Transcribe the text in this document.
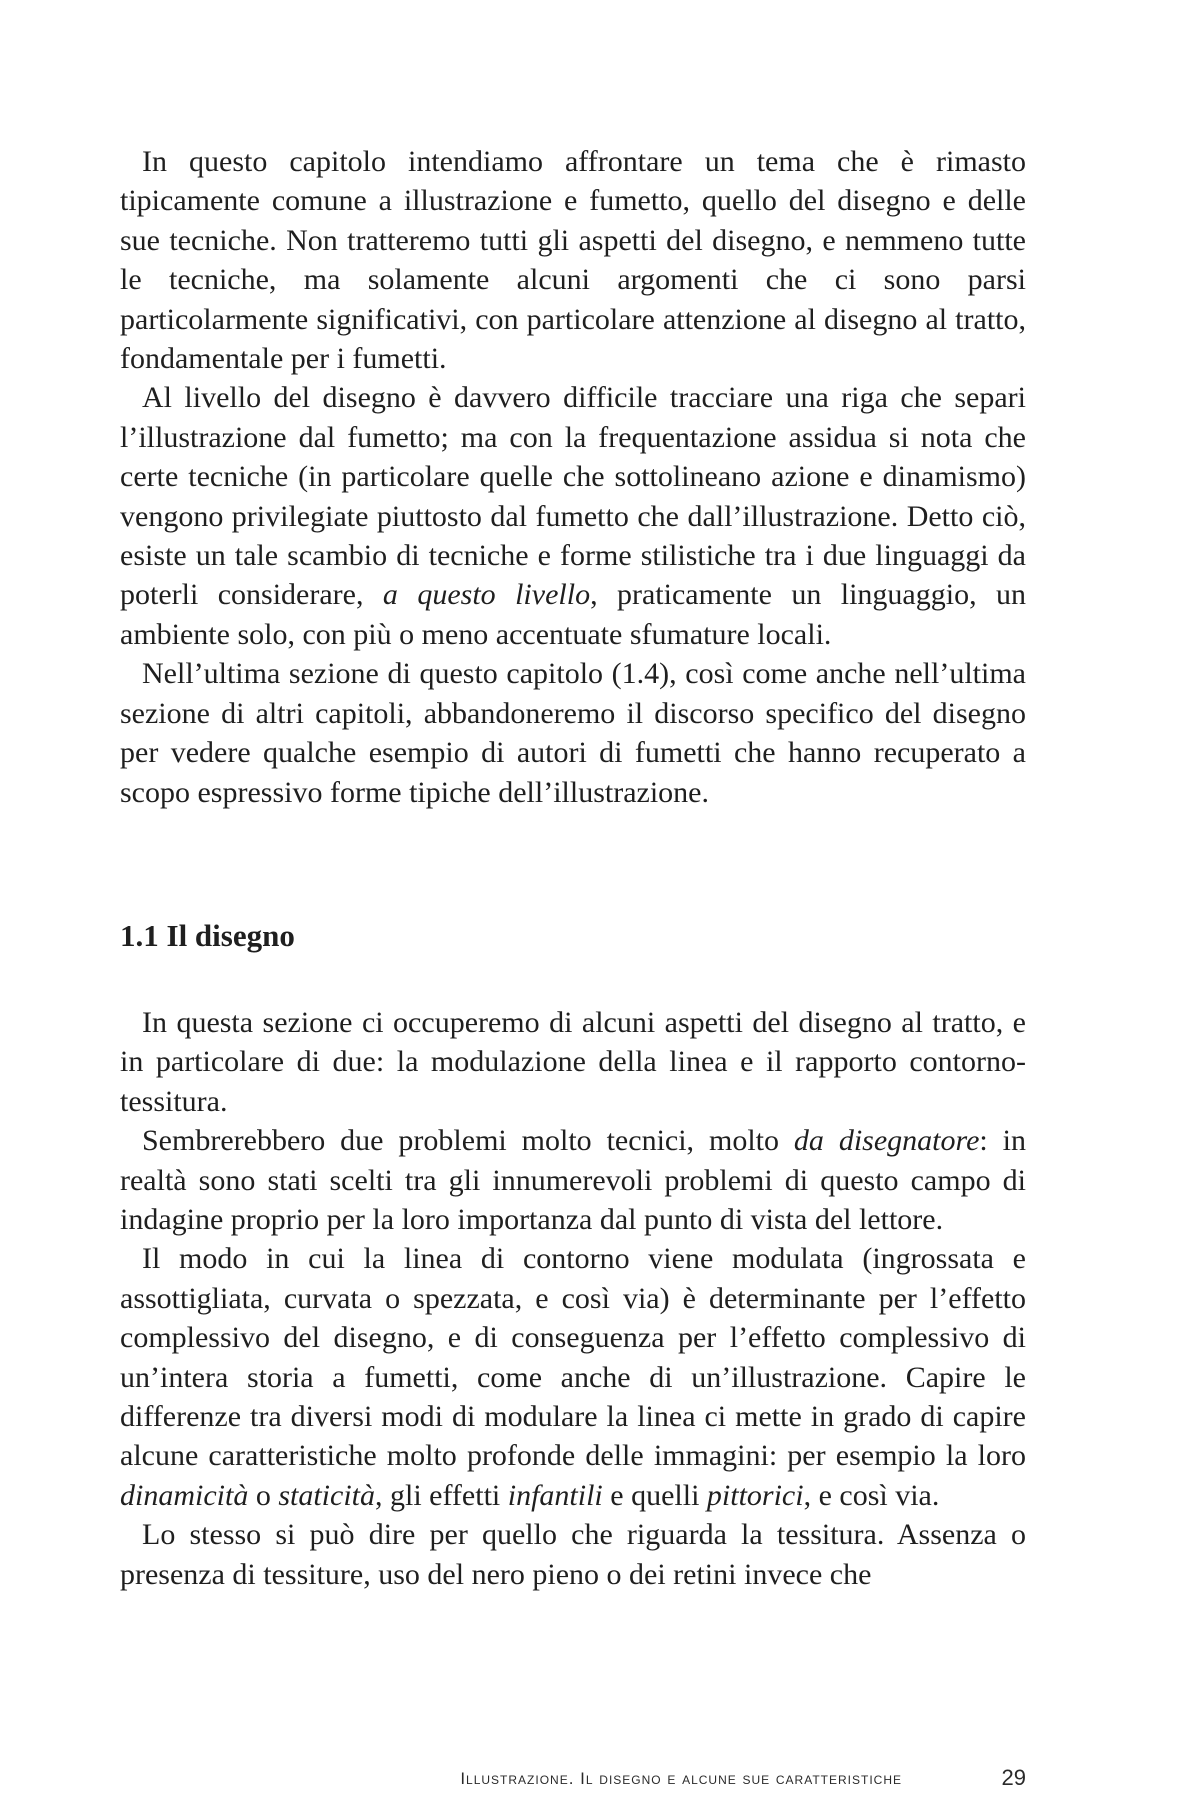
In questo capitolo intendiamo affrontare un tema che è rimasto tipicamente comune a illustrazione e fumetto, quello del disegno e delle sue tecniche. Non tratteremo tutti gli aspetti del disegno, e nemmeno tutte le tecniche, ma solamente alcuni argomenti che ci sono parsi particolarmente significativi, con particolare attenzione al disegno al tratto, fondamentale per i fumetti.

Al livello del disegno è davvero difficile tracciare una riga che separi l’illustrazione dal fumetto; ma con la frequentazione assidua si nota che certe tecniche (in particolare quelle che sottolineano azione e dinamismo) vengono privilegiate piuttosto dal fumetto che dall’illustrazione. Detto ciò, esiste un tale scambio di tecniche e forme stilistiche tra i due linguaggi da poterli considerare, a questo livello, praticamente un linguaggio, un ambiente solo, con più o meno accentuate sfumature locali.

Nell’ultima sezione di questo capitolo (1.4), così come anche nell’ultima sezione di altri capitoli, abbandoneremo il discorso specifico del disegno per vedere qualche esempio di autori di fumetti che hanno recuperato a scopo espressivo forme tipiche dell’illustrazione.

1.1 Il disegno

In questa sezione ci occuperemo di alcuni aspetti del disegno al tratto, e in particolare di due: la modulazione della linea e il rapporto contorno-tessitura.

Sembrerebbero due problemi molto tecnici, molto da disegnatore: in realtà sono stati scelti tra gli innumerevoli problemi di questo campo di indagine proprio per la loro importanza dal punto di vista del lettore.

Il modo in cui la linea di contorno viene modulata (ingrossata e assottigliata, curvata o spezzata, e così via) è determinante per l’effetto complessivo del disegno, e di conseguenza per l’effetto complessivo di un’intera storia a fumetti, come anche di un’illustrazione. Capire le differenze tra diversi modi di modulare la linea ci mette in grado di capire alcune caratteristiche molto profonde delle immagini: per esempio la loro dinamicità o staticità, gli effetti infantili e quelli pittorici, e così via.

Lo stesso si può dire per quello che riguarda la tessitura. Assenza o presenza di tessiture, uso del nero pieno o dei retini invece che

Illustrazione. Il disegno e alcune sue caratteristiche	29
